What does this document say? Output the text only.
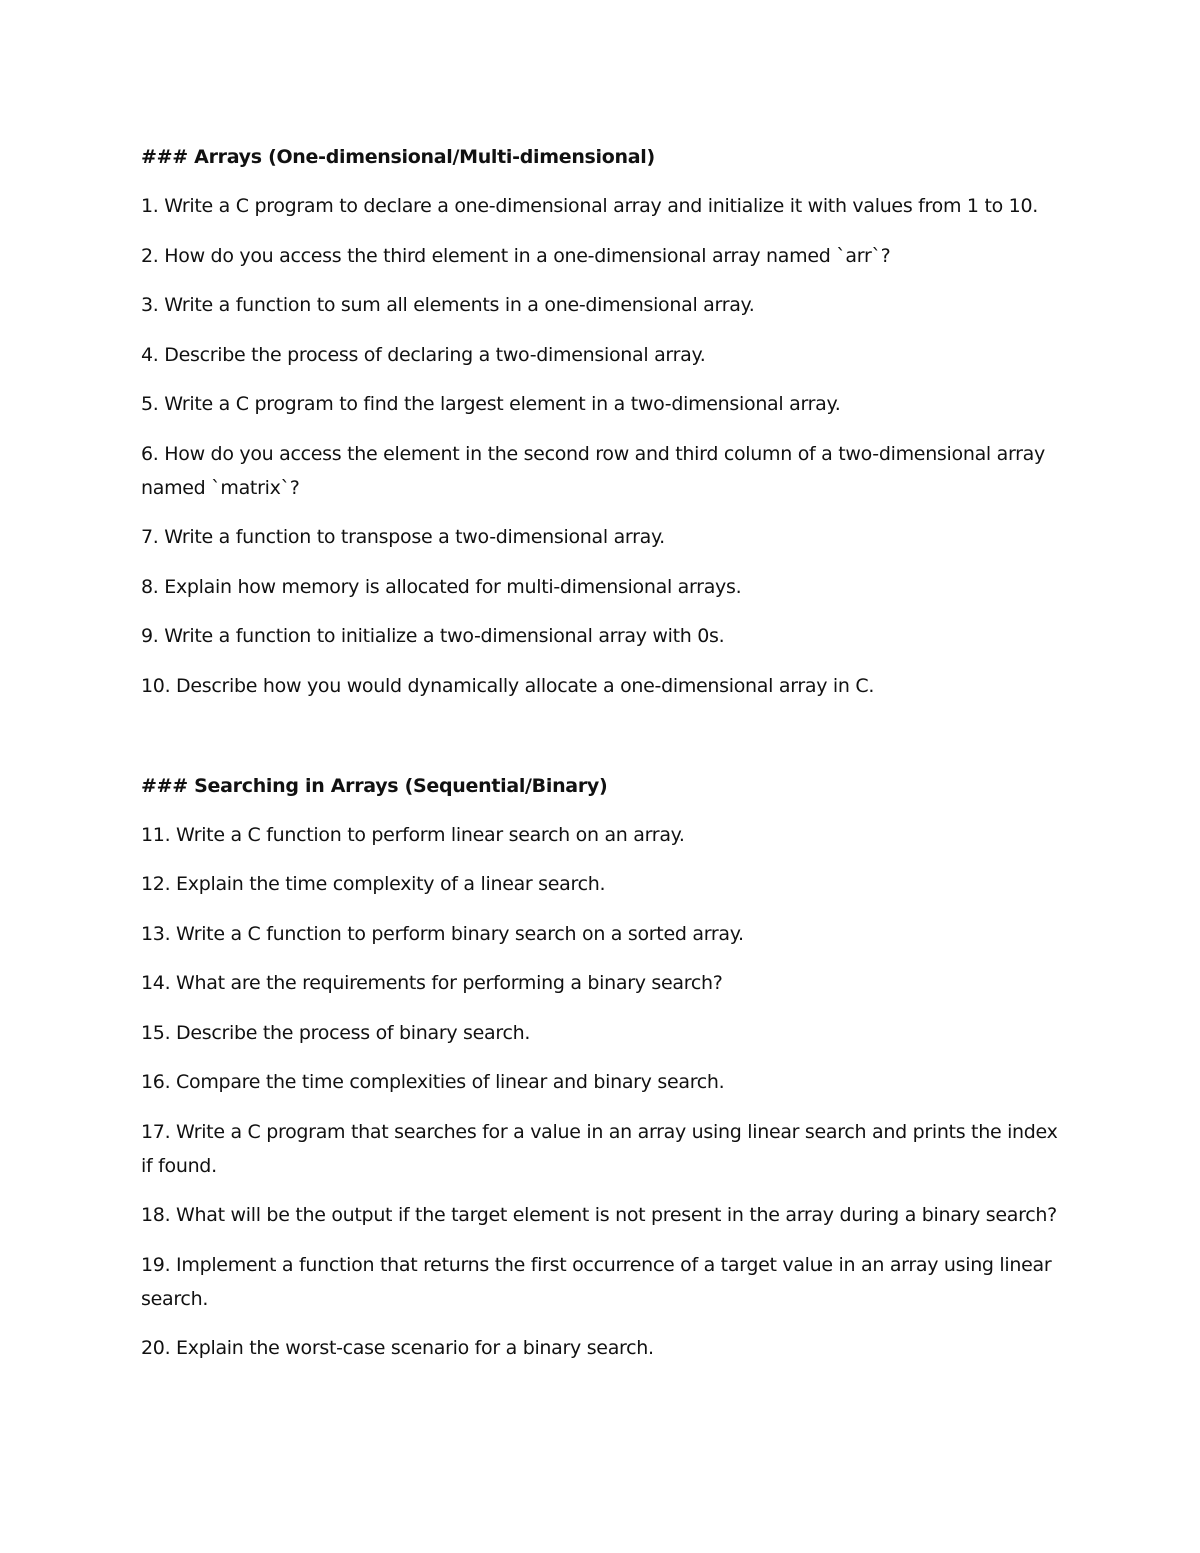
### Arrays (One-dimensional/Multi-dimensional)
1. Write a C program to declare a one-dimensional array and initialize it with values from 1 to 10.
2. How do you access the third element in a one-dimensional array named `arr`?
3. Write a function to sum all elements in a one-dimensional array.
4. Describe the process of declaring a two-dimensional array.
5. Write a C program to find the largest element in a two-dimensional array.
6. How do you access the element in the second row and third column of a two-dimensional array named `matrix`?
7. Write a function to transpose a two-dimensional array.
8. Explain how memory is allocated for multi-dimensional arrays.
9. Write a function to initialize a two-dimensional array with 0s.
10. Describe how you would dynamically allocate a one-dimensional array in C.
### Searching in Arrays (Sequential/Binary)
11. Write a C function to perform linear search on an array.
12. Explain the time complexity of a linear search.
13. Write a C function to perform binary search on a sorted array.
14. What are the requirements for performing a binary search?
15. Describe the process of binary search.
16. Compare the time complexities of linear and binary search.
17. Write a C program that searches for a value in an array using linear search and prints the index if found.
18. What will be the output if the target element is not present in the array during a binary search?
19. Implement a function that returns the first occurrence of a target value in an array using linear search.
20. Explain the worst-case scenario for a binary search.
